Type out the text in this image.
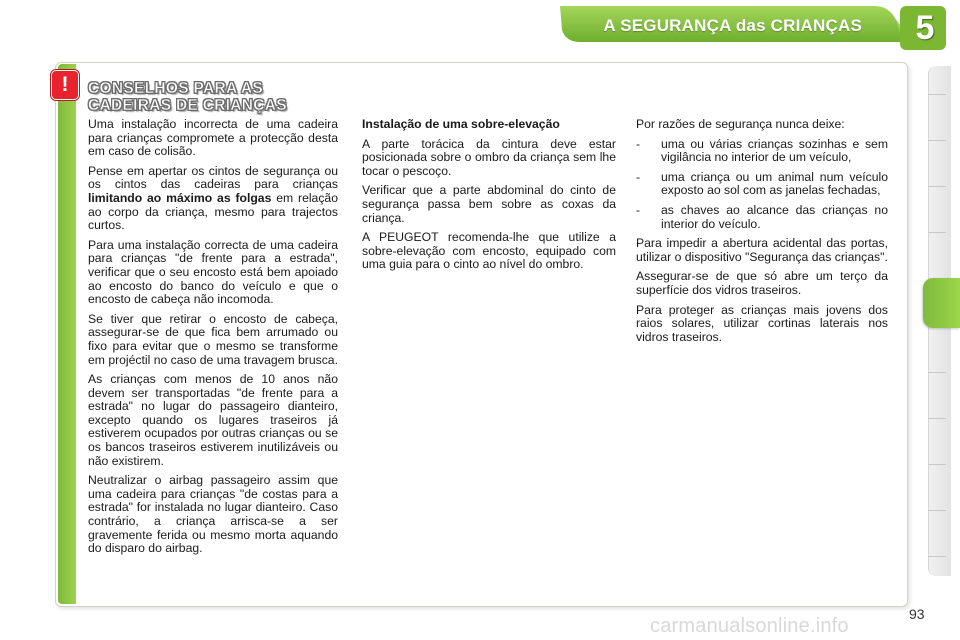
A SEGURANÇA das CRIANÇAS	5
!	CONSELHOS PARA AS
CADEIRAS DE CRIANÇAS

Uma instalação incorrecta de uma cadeira para crianças compromete a protecção desta em caso de colisão.

Pense em apertar os cintos de segurança ou os cintos das cadeiras para crianças limitando ao máximo as folgas em relação ao corpo da criança, mesmo para trajectos curtos.

Para uma instalação correcta de uma cadeira para crianças "de frente para a estrada", verificar que o seu encosto está bem apoiado ao encosto do banco do veículo e que o encosto de cabeça não incomoda.

Se tiver que retirar o encosto de cabeça, assegurar-se de que fica bem arrumado ou fixo para evitar que o mesmo se transforme em projéctil no caso de uma travagem brusca.

As crianças com menos de 10 anos não devem ser transportadas "de frente para a estrada" no lugar do passageiro dianteiro, excepto quando os lugares traseiros já estiverem ocupados por outras crianças ou se os bancos traseiros estiverem inutilizáveis ou não existirem.

Neutralizar o airbag passageiro assim que uma cadeira para crianças "de costas para a estrada" for instalada no lugar dianteiro. Caso contrário, a criança arrisca-se a ser gravemente ferida ou mesmo morta aquando do disparo do airbag.

Instalação de uma sobre-elevação

A parte torácica da cintura deve estar posicionada sobre o ombro da criança sem lhe tocar o pescoço.

Verificar que a parte abdominal do cinto de segurança passa bem sobre as coxas da criança.

A PEUGEOT recomenda-lhe que utilize a sobre-elevação com encosto, equipado com uma guia para o cinto ao nível do ombro.

Por razões de segurança nunca deixe:

-	uma ou várias crianças sozinhas e sem vigilância no interior de um veículo,
-	uma criança ou um animal num veículo exposto ao sol com as janelas fechadas,
-	as chaves ao alcance das crianças no interior do veículo.

Para impedir a abertura acidental das portas, utilizar o dispositivo "Segurança das crianças".

Assegurar-se de que só abre um terço da superfície dos vidros traseiros.

Para proteger as crianças mais jovens dos raios solares, utilizar cortinas laterais nos vidros traseiros.

93
carmanualsonline.info
